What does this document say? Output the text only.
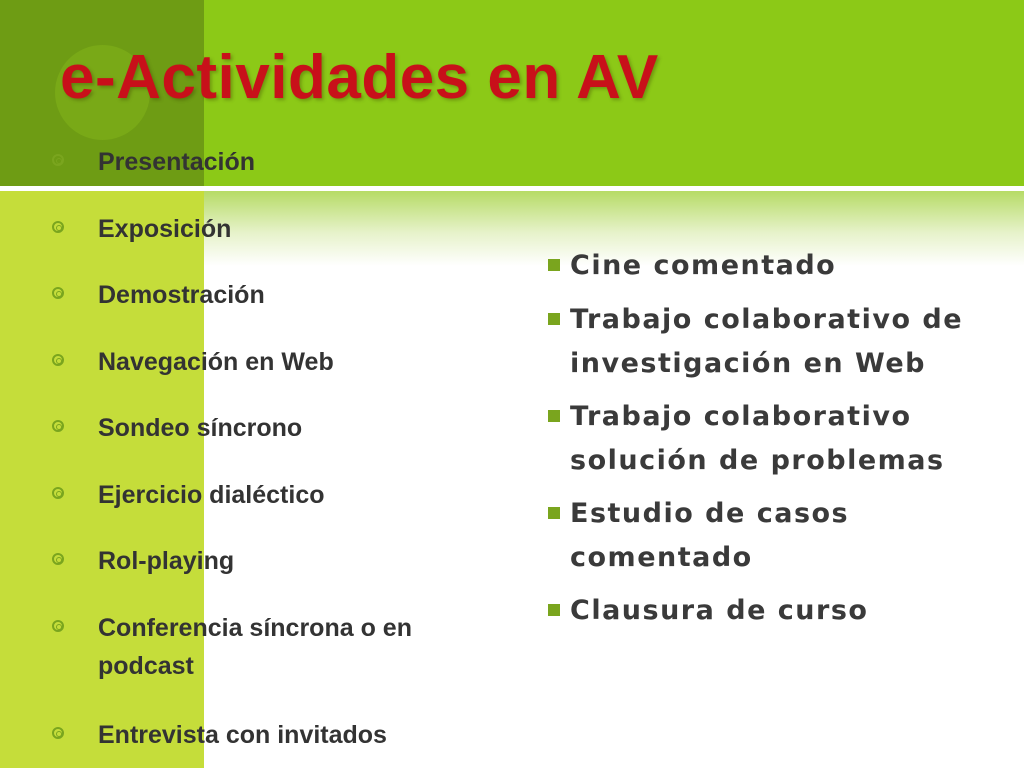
e-Actividades en AV
Presentación
Exposición
Demostración
Navegación en Web
Sondeo síncrono
Ejercicio dialéctico
Rol-playing
Conferencia síncrona o en podcast
Entrevista con invitados
Cine comentado
Trabajo colaborativo de investigación en Web
Trabajo colaborativo solución de problemas
Estudio de casos comentado
Clausura de curso
